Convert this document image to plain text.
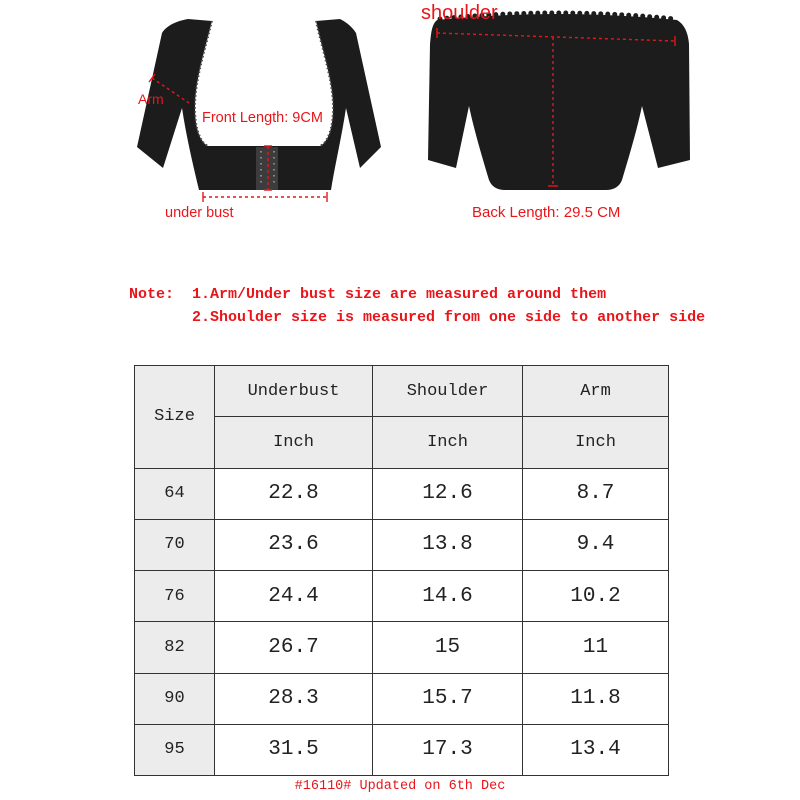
Arm
Front Length: 9CM
under bust
shoulder
Back Length: 29.5 CM
Note: 1.Arm/Under bust size are measured around them
2.Shoulder size is measured from one side to another side
Size	Underbust	Shoulder	Arm
	Inch	Inch	Inch
64	22.8	12.6	8.7
70	23.6	13.8	9.4
76	24.4	14.6	10.2
82	26.7	15	11
90	28.3	15.7	11.8
95	31.5	17.3	13.4
#16110# Updated on 6th Dec
